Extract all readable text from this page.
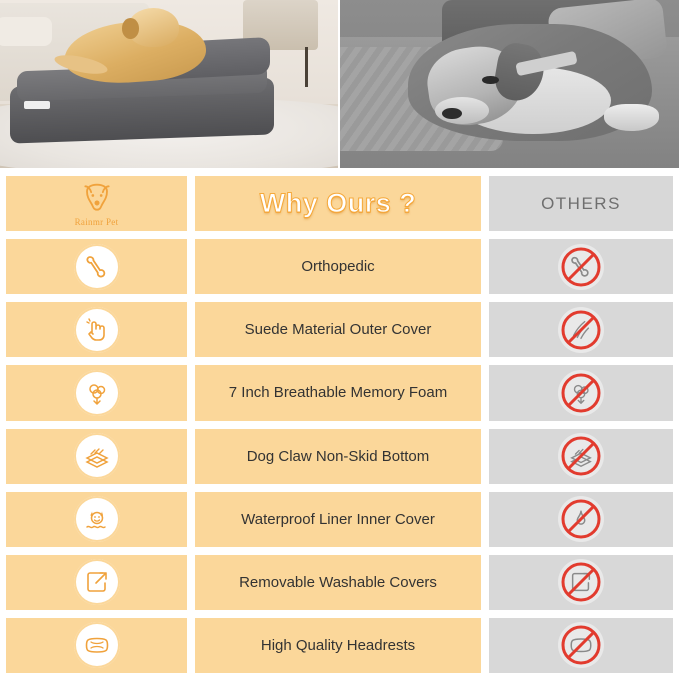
Rainmr Pet
Why Ours ?	OTHERS
Orthopedic
Suede Material Outer Cover
7 Inch Breathable Memory Foam
Dog Claw Non-Skid Bottom
Waterproof Liner Inner Cover
Removable Washable Covers
High Quality Headrests
